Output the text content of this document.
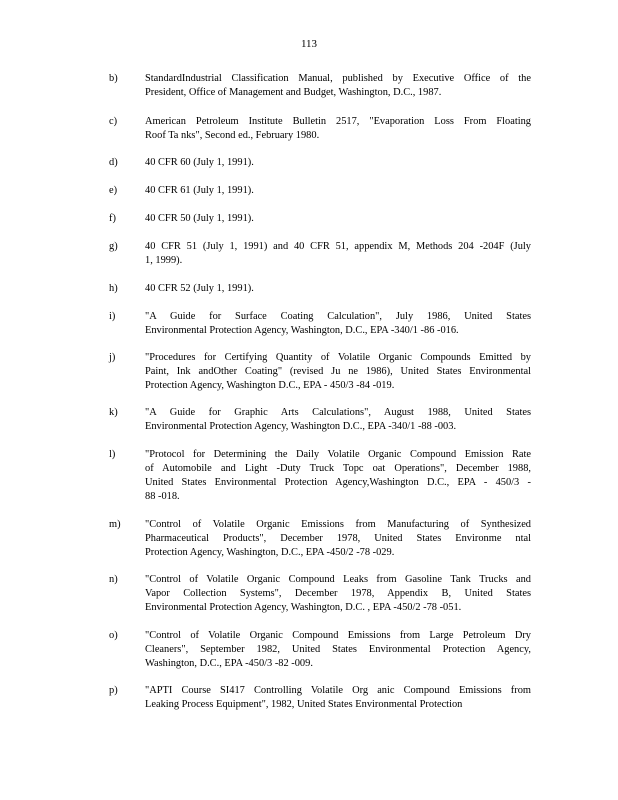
113
b)	StandardIndustrial Classification Manual, published by Executive Office of the
President, Office of Management and Budget, Washington, D.C., 1987.
c)	American Petroleum Institute Bulletin 2517, "Evaporation Loss From Floating
Roof Ta nks", Second ed., February 1980.
d)	40 CFR 60 (July 1, 1991).
e)	40 CFR 61 (July 1, 1991).
f)	40 CFR 50 (July 1, 1991).
g)	40 CFR 51 (July 1, 1991) and 40 CFR 51, appendix M, Methods 204 -204F (July
1, 1999).
h)	40 CFR 52 (July 1, 1991).
i)	"A Guide for Surface Coating Calculation", July 1986, United States
Environmental Protection Agency, Washington, D.C., EPA -340/1 -86 -016.
j)	"Procedures for Certifying Quantity of Volatile Organic Compounds Emitted by
Paint, Ink andOther Coating" (revised Ju ne 1986), United States Environmental
Protection Agency, Washington D.C., EPA - 450/3 -84 -019.
k)	"A Guide for Graphic Arts Calculations", August 1988, United States
Environmental Protection Agency, Washington D.C., EPA -340/1 -88 -003.
l)	"Protocol for Determining the Daily Volatile Organic Compound Emission Rate
of Automobile and Light -Duty Truck Topc oat Operations", December 1988,
United States Environmental Protection Agency,Washington D.C., EPA - 450/3 -
88 -018.
m) "Control of Volatile Organic Emissions from Manufacturing of Synthesized
Pharmaceutical Products", December 1978, United States Environme ntal
Protection Agency, Washington, D.C., EPA -450/2 -78 -029.
n)	"Control of Volatile Organic Compound Leaks from Gasoline Tank Trucks and
Vapor Collection Systems", December 1978, Appendix B, United States
Environmental Protection Agency, Washington, D.C. , EPA -450/2 -78 -051.
o)	"Control of Volatile Organic Compound Emissions from Large Petroleum Dry
Cleaners", September 1982, United States Environmental Protection Agency,
Washington, D.C., EPA -450/3 -82 -009.
p)	"APTI Course SI417 Controlling Volatile Org anic Compound Emissions from
Leaking Process Equipment", 1982, United States Environmental Protection
